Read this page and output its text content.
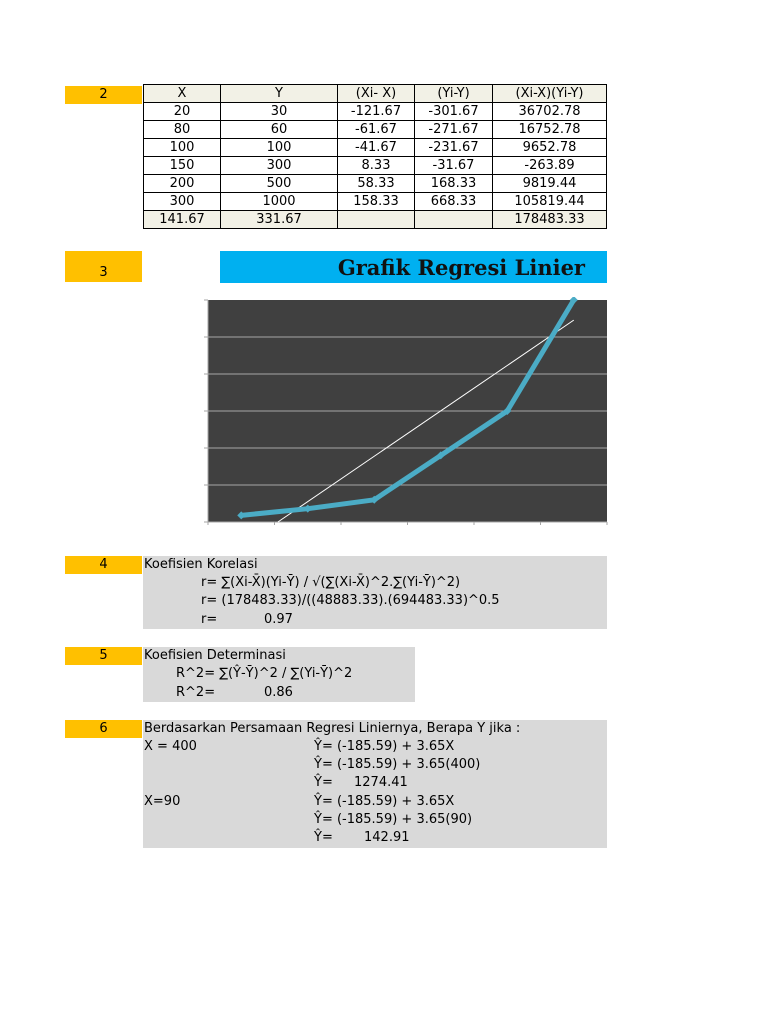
2	X	Y	(Xi- X)	(Yi-Y)	(Xi-X)(Yi-Y)
20	30	-121.67	-301.67	36702.78
80	60	-61.67	-271.67	16752.78
100	100	-41.67	-231.67	9652.78
150	300	8.33	-31.67	-263.89
200	500	58.33	168.33	9819.44
300	1000	158.33	668.33	105819.44
141.67	331.67			178483.33
3	Grafik Regresi Linier
4	Koefisien Korelasi
r= ∑(Xi-X̄)(Yi-Ȳ) / √(∑(Xi-X̄)^2.∑(Yi-Ȳ)^2)
r= (178483.33)/((48883.33).(694483.33)^0.5
r=	0.97
5	Koefisien Determinasi
R^2= ∑(Ŷ-Ȳ)^2 / ∑(Yi-Ȳ)^2
R^2=	0.86
6	Berdasarkan Persamaan Regresi Liniernya, Berapa Y jika :
X = 400	Ŷ= (-185.59) + 3.65X
Ŷ= (-185.59) + 3.65(400)
Ŷ= 1274.41
X=90	Ŷ= (-185.59) + 3.65X
Ŷ= (-185.59) + 3.65(90)
Ŷ= 142.91
